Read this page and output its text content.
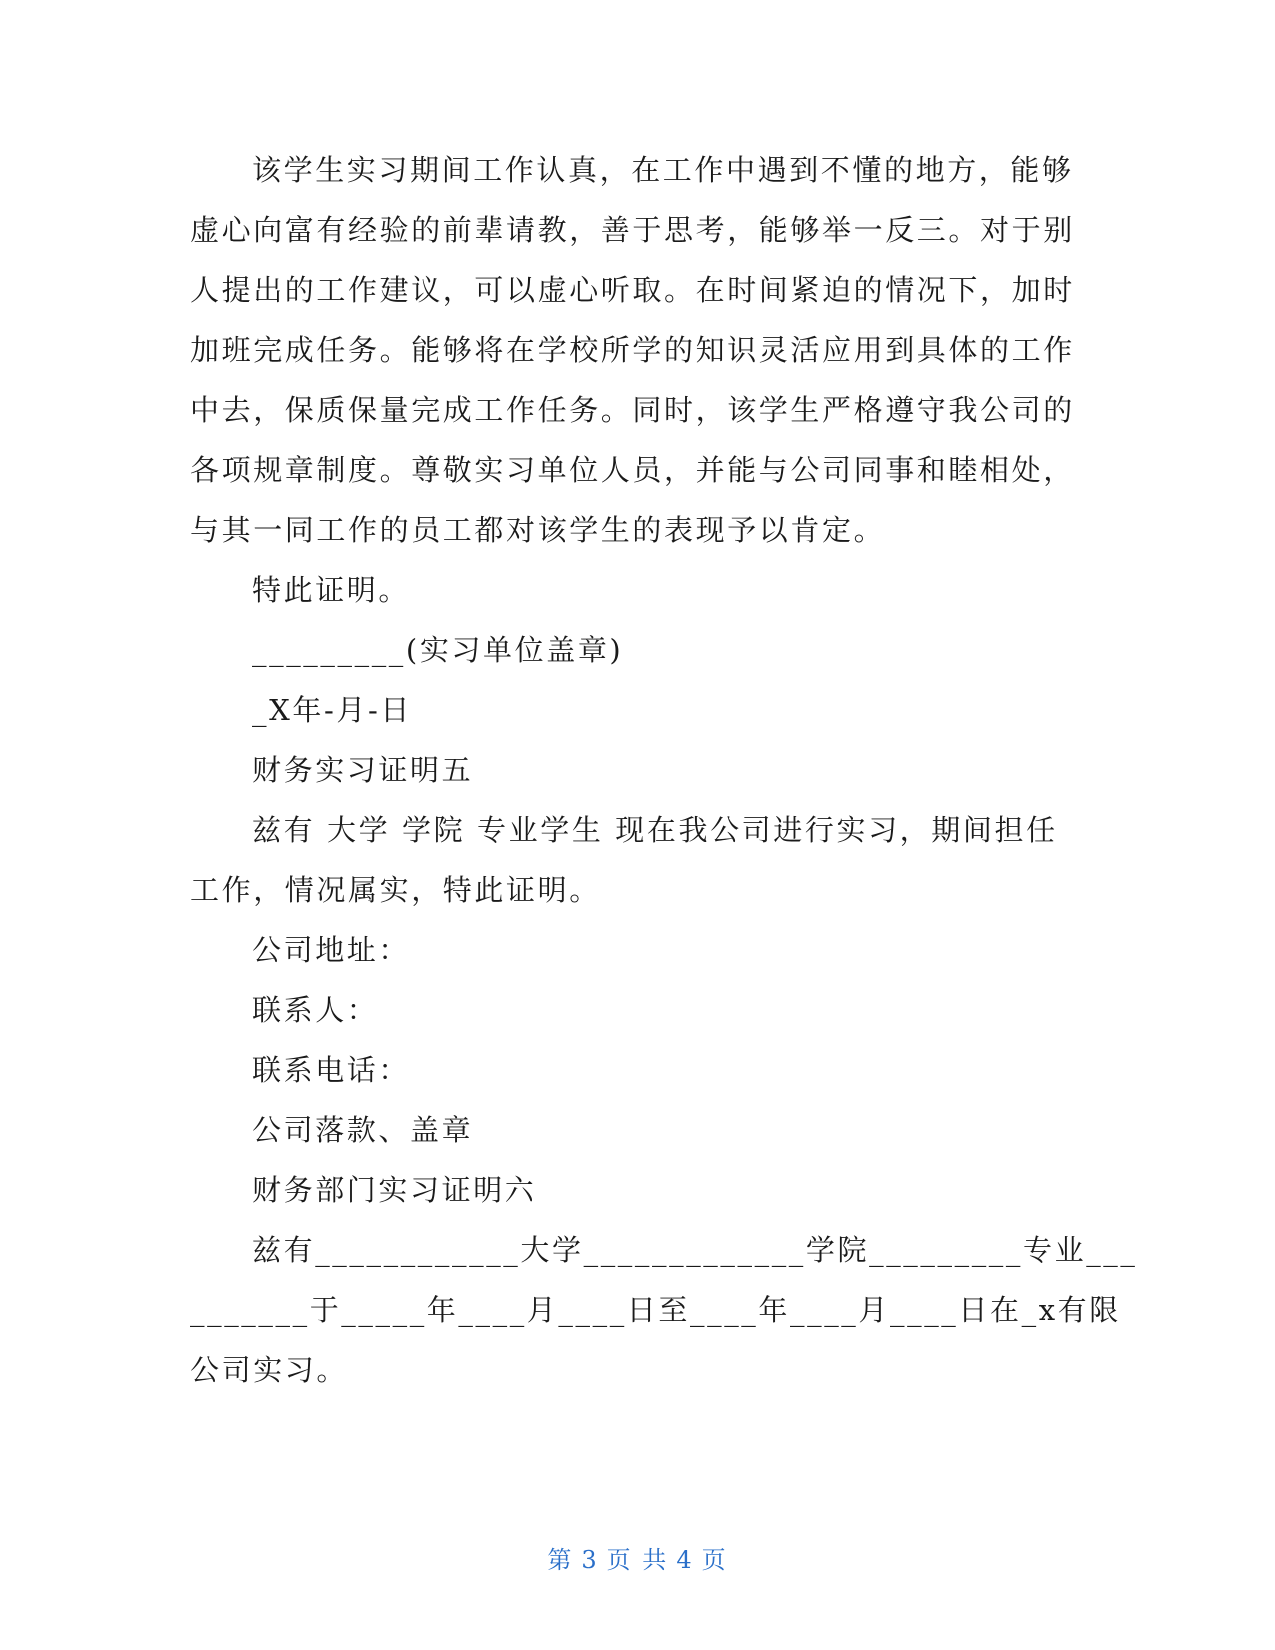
该学生实习期间工作认真，在工作中遇到不懂的地方，能够
虚心向富有经验的前辈请教，善于思考，能够举一反三。对于别
人提出的工作建议，可以虚心听取。在时间紧迫的情况下，加时
加班完成任务。能够将在学校所学的知识灵活应用到具体的工作
中去，保质保量完成工作任务。同时，该学生严格遵守我公司的
各项规章制度。尊敬实习单位人员，并能与公司同事和睦相处，
与其一同工作的员工都对该学生的表现予以肯定。
特此证明。
_________(实习单位盖章)
_X年-月-日
财务实习证明五
兹有 大学 学院 专业学生 现在我公司进行实习，期间担任
工作，情况属实，特此证明。
公司地址：
联系人：
联系电话：
公司落款、盖章
财务部门实习证明六
兹有____________大学_____________学院_________专业___
_______于_____年____月____日至____年____月____日在_x有限
公司实习。
第 3 页 共 4 页
